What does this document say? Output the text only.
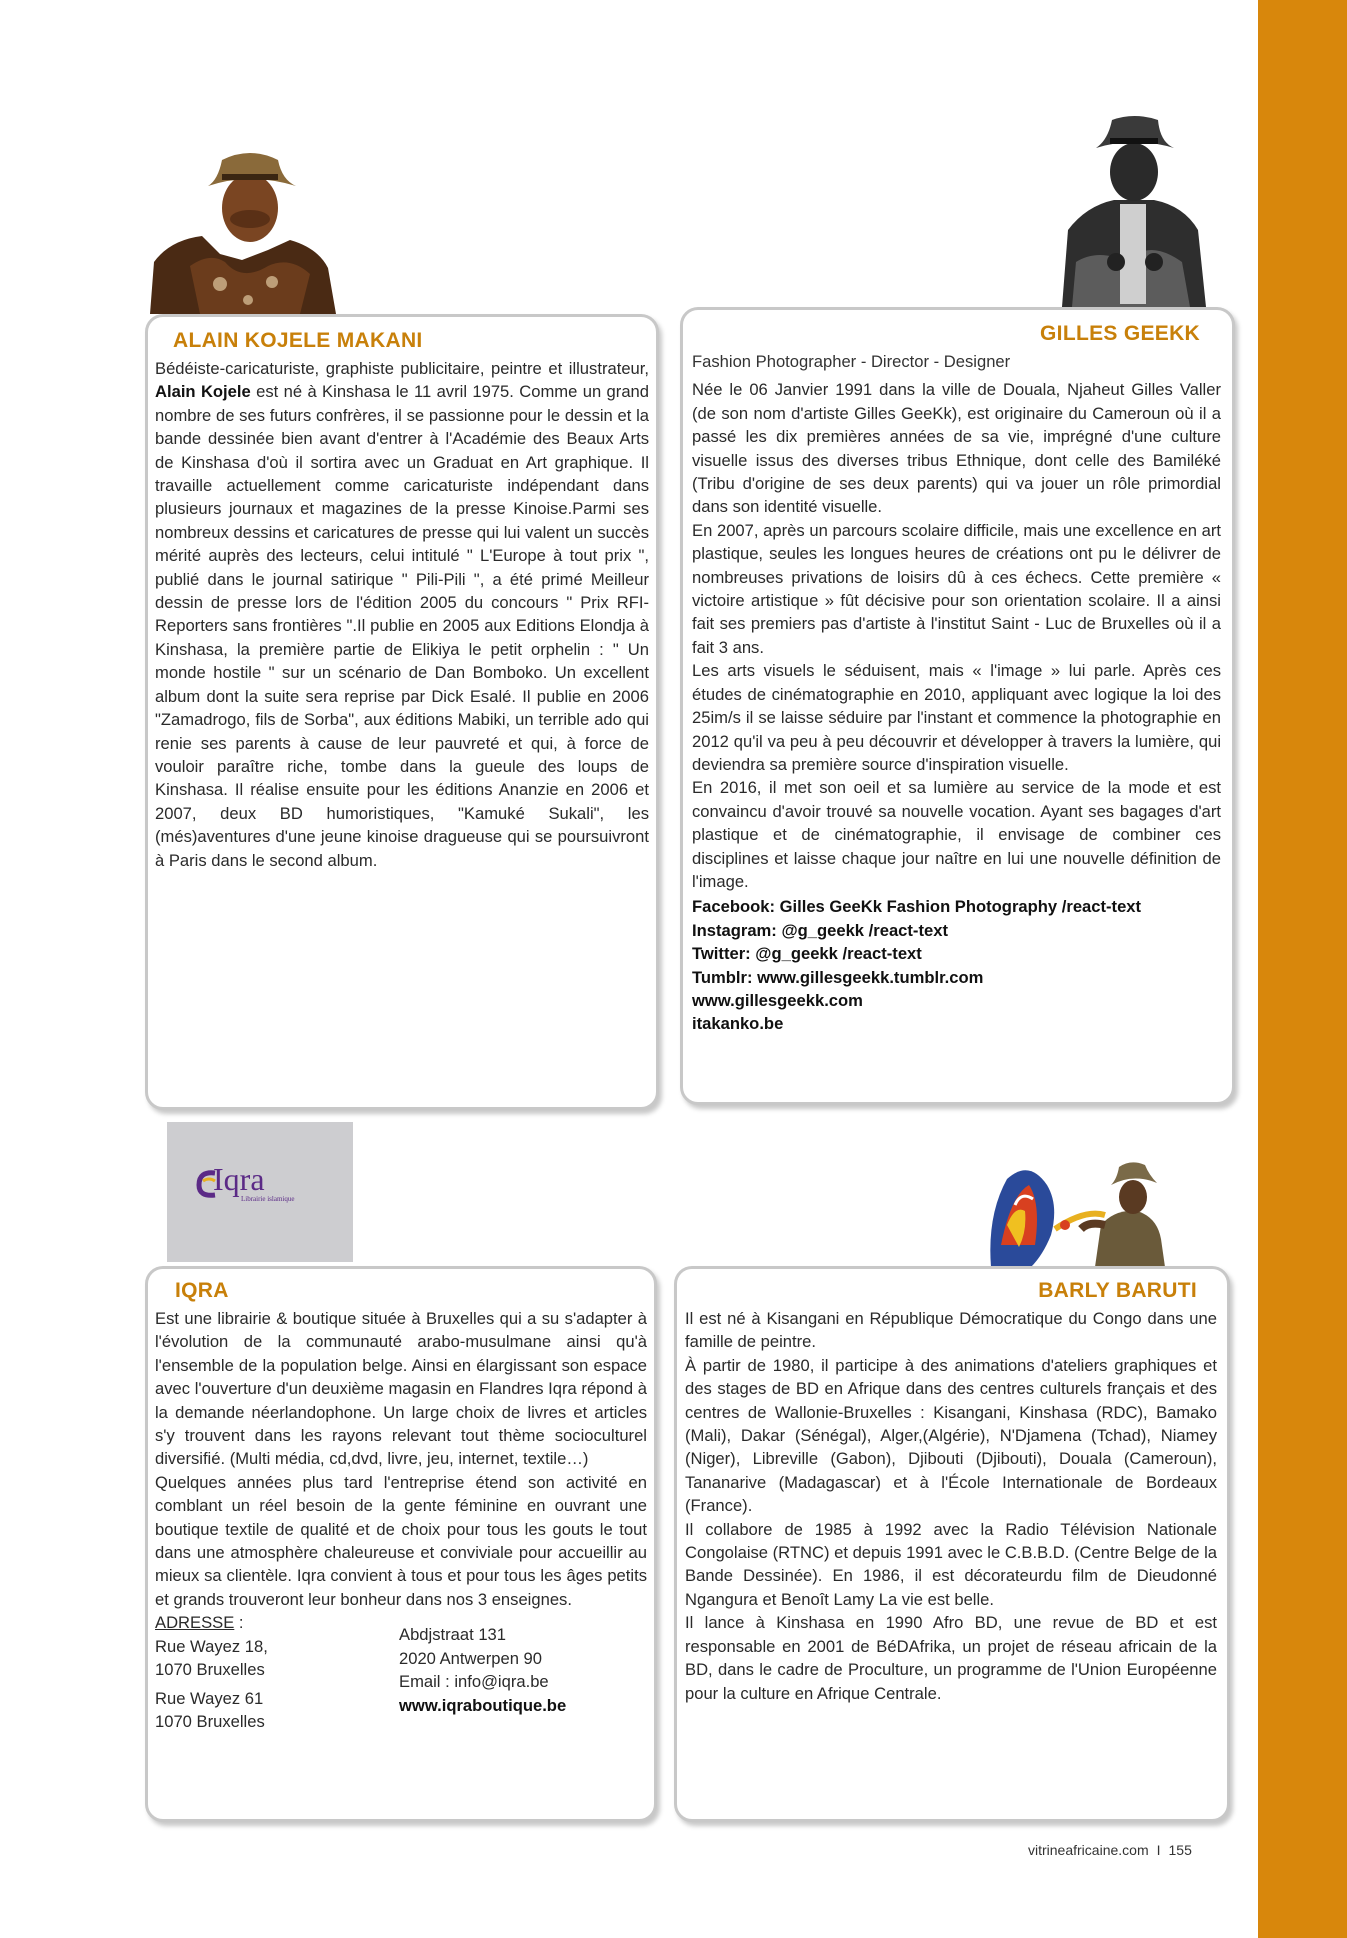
ALAIN KOJELE MAKANI

Bédéiste-caricaturiste, graphiste publicitaire, peintre et illustrateur, Alain Kojele est né à Kinshasa le 11 avril 1975. Comme un grand nombre de ses futurs confrères, il se passionne pour le dessin et la bande dessinée bien avant d'entrer à l'Académie des Beaux Arts de Kinshasa d'où il sortira avec un Graduat en Art graphique. Il travaille actuellement comme caricaturiste indépendant dans plusieurs journaux et magazines de la presse Kinoise.Parmi ses nombreux dessins et caricatures de presse qui lui valent un succès mérité auprès des lecteurs, celui intitulé " L'Europe à tout prix ", publié dans le journal satirique " Pili-Pili ", a été primé Meilleur dessin de presse lors de l'édition 2005 du concours " Prix RFI-Reporters sans frontières ".Il publie en 2005 aux Editions Elondja à Kinshasa, la première partie de Elikiya le petit orphelin : " Un monde hostile " sur un scénario de Dan Bomboko. Un excellent album dont la suite sera reprise par Dick Esalé. Il publie en 2006 "Zamadrogo, fils de Sorba", aux éditions Mabiki, un terrible ado qui renie ses parents à cause de leur pauvreté et qui, à force de vouloir paraître riche, tombe dans la gueule des loups de Kinshasa. Il réalise ensuite pour les éditions Ananzie en 2006 et 2007, deux BD humoristiques, "Kamuké Sukali", les (més)aventures d'une jeune kinoise dragueuse qui se poursuivront à Paris dans le second album.

GILLES GEEKK

Fashion Photographer - Director - Designer

Née le 06 Janvier 1991 dans la ville de Douala, Njaheut Gilles Valler (de son nom d'artiste Gilles GeeKk), est originaire du Cameroun où il a passé les dix premières années de sa vie, imprégné d'une culture visuelle issus des diverses tribus Ethnique, dont celle des Bamiléké (Tribu d'origine de ses deux parents) qui va jouer un rôle primordial dans son identité visuelle.

En 2007, après un parcours scolaire difficile, mais une excellence en art plastique, seules les longues heures de créations ont pu le délivrer de nombreuses privations de loisirs dû à ces échecs. Cette première « victoire artistique » fût décisive pour son orientation scolaire. Il a ainsi fait ses premiers pas d'artiste à l'institut Saint - Luc de Bruxelles où il a fait 3 ans.

Les arts visuels le séduisent, mais « l'image » lui parle. Après ces études de cinématographie en 2010, appliquant avec logique la loi des 25im/s il se laisse séduire par l'instant et commence la photographie en 2012 qu'il va peu à peu découvrir et développer à travers la lumière, qui deviendra sa première source d'inspiration visuelle.

En 2016, il met son oeil et sa lumière au service de la mode et est convaincu d'avoir trouvé sa nouvelle vocation. Ayant ses bagages d'art plastique et de cinématographie, il envisage de combiner ces disciplines et laisse chaque jour naître en lui une nouvelle définition de l'image.

Facebook: Gilles GeeKk Fashion Photography /react-text
Instagram: @g_geekk /react-text
Twitter: @g_geekk /react-text
Tumblr: www.gillesgeekk.tumblr.com
www.gillesgeekk.com
itakanko.be
Iqra
Librairie islamique
IQRA

Est une librairie & boutique située à Bruxelles qui a su s'adapter à l'évolution de la communauté arabo-musulmane ainsi qu'à l'ensemble de la population belge. Ainsi en élargissant son espace avec l'ouverture d'un deuxième magasin en Flandres Iqra répond à la demande néerlandophone. Un large choix de livres et articles s'y trouvent dans les rayons relevant tout thème socioculturel diversifié. (Multi média, cd,dvd, livre, jeu, internet, textile…)

Quelques années plus tard l'entreprise étend son activité en comblant un réel besoin de la gente féminine en ouvrant une boutique textile de qualité et de choix pour tous les gouts le tout dans une atmosphère chaleureuse et conviviale pour accueillir au mieux sa clientèle. Iqra convient à tous et pour tous les âges petits et grands trouveront leur bonheur dans nos 3 enseignes.

ADRESSE :
Rue Wayez 18,
1070 Bruxelles
Rue Wayez 61
1070 Bruxelles
Abdjstraat 131
2020 Antwerpen 90
Email : info@iqra.be
www.iqraboutique.be
BARLY BARUTI

Il est né à Kisangani en République Démocratique du Congo dans une famille de peintre.

À partir de 1980, il participe à des animations d'ateliers graphiques et des stages de BD en Afrique dans des centres culturels français et des centres de Wallonie-Bruxelles : Kisangani, Kinshasa (RDC), Bamako (Mali), Dakar (Sénégal), Alger,(Algérie), N'Djamena (Tchad), Niamey (Niger), Libreville (Gabon), Djibouti (Djibouti), Douala (Cameroun), Tananarive (Madagascar) et à l'École Internationale de Bordeaux (France).

Il collabore de 1985 à 1992 avec la Radio Télévision Nationale Congolaise (RTNC) et depuis 1991 avec le C.B.B.D. (Centre Belge de la Bande Dessinée). En 1986, il est décorateurdu film de Dieudonné Ngangura et Benoît Lamy La vie est belle.

Il lance à Kinshasa en 1990 Afro BD, une revue de BD et est responsable en 2001 de BéDAfrika, un projet de réseau africain de la BD, dans le cadre de Proculture, un programme de l'Union Européenne pour la culture en Afrique Centrale.

vitrineafricaine.com I 155
